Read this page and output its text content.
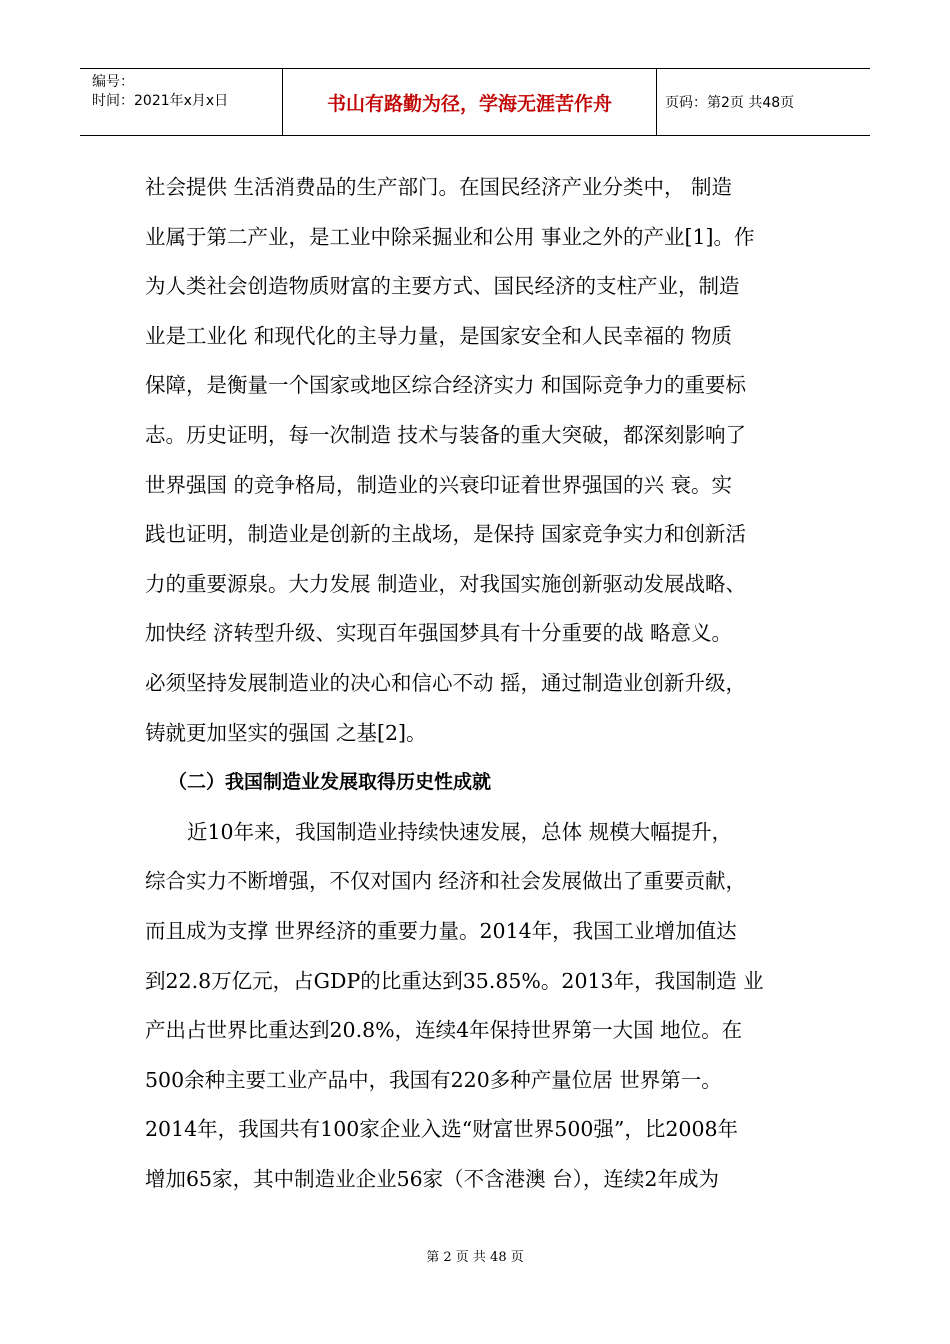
编号：
时间：2021年x月x日	书山有路勤为径，学海无涯苦作舟	页码：第2页 共48页
社会提供 生活消费品的生产部门。在国民经济产业分类中， 制造
业属于第二产业，是工业中除采掘业和公用 事业之外的产业[1]。作
为人类社会创造物质财富的主要方式、国民经济的支柱产业，制造
业是工业化 和现代化的主导力量，是国家安全和人民幸福的 物质
保障，是衡量一个国家或地区综合经济实力 和国际竞争力的重要标
志。历史证明，每一次制造 技术与装备的重大突破，都深刻影响了
世界强国 的竞争格局，制造业的兴衰印证着世界强国的兴 衰。实
践也证明，制造业是创新的主战场，是保持 国家竞争实力和创新活
力的重要源泉。大力发展 制造业，对我国实施创新驱动发展战略、
加快经 济转型升级、实现百年强国梦具有十分重要的战 略意义。
必须坚持发展制造业的决心和信心不动 摇，通过制造业创新升级，
铸就更加坚实的强国 之基[2]。
（二）我国制造业发展取得历史性成就
近10年来，我国制造业持续快速发展，总体 规模大幅提升，
综合实力不断增强，不仅对国内 经济和社会发展做出了重要贡献，
而且成为支撑 世界经济的重要力量。2014年，我国工业增加值达
到22.8万亿元，占GDP的比重达到35.85%。2013年，我国制造 业
产出占世界比重达到20.8%，连续4年保持世界第一大国 地位。在
500余种主要工业产品中，我国有220多种产量位居 世界第一。
2014年，我国共有100家企业入选“财富世界500强”，比2008年
增加65家，其中制造业企业56家（不含港澳 台），连续2年成为
第 2 页 共 48 页
